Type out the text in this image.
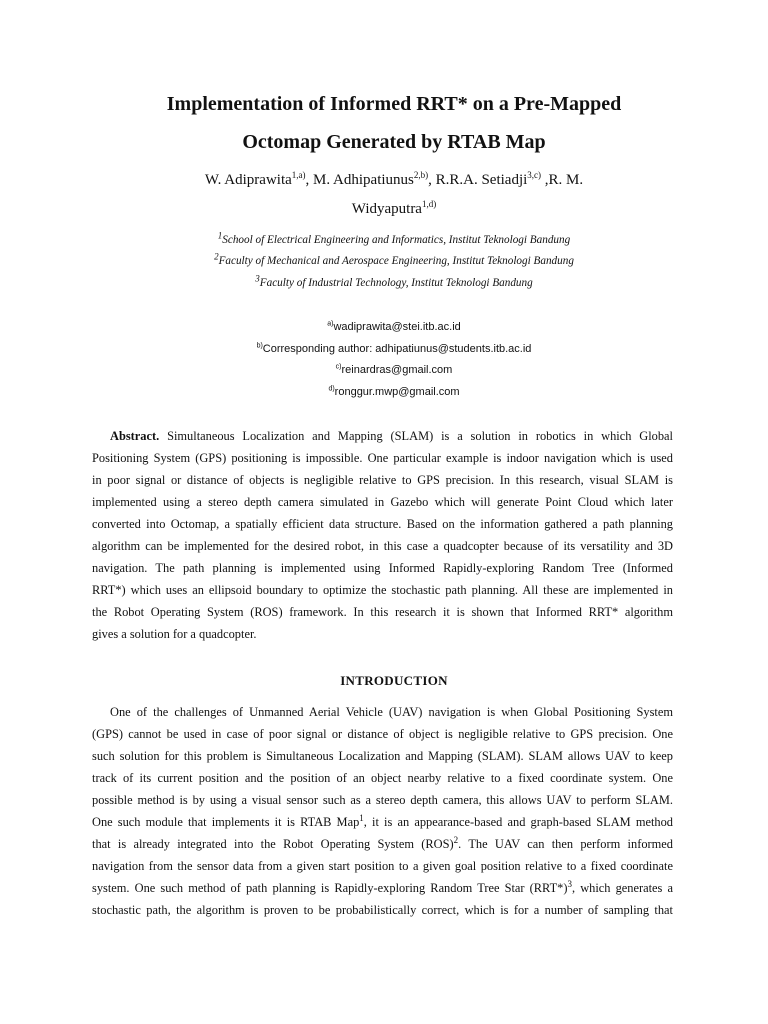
Implementation of Informed RRT* on a Pre-Mapped
Octomap Generated by RTAB Map
W. Adiprawita$^{1,a)}$, M. Adhipatiunus$^{2,b)}$, R.R.A. Setiadji$^{3,c)}$ ,R. M.
Widyaputra$^{1,d)}$
$^1$School of Electrical Engineering and Informatics, Institut Teknologi Bandung
$^2$Faculty of Mechanical and Aerospace Engineering, Institut Teknologi Bandung
$^3$Faculty of Industrial Technology, Institut Teknologi Bandung
$^{a)}$wadiprawita@stei.itb.ac.id
$^{b)}$Corresponding author: adhipatiunus@students.itb.ac.id
$^{c)}$reinardras@gmail.com
$^{d)}$ronggur.mwp@gmail.com
Abstract. Simultaneous Localization and Mapping (SLAM) is a solution in robotics in which Global
Positioning System (GPS) positioning is impossible. One particular example is indoor navigation which is used
in poor signal or distance of objects is negligible relative to GPS precision. In this research, visual SLAM is
implemented using a stereo depth camera simulated in Gazebo which will generate Point Cloud which later
converted into Octomap, a spatially efficient data structure. Based on the information gathered a path planning
algorithm can be implemented for the desired robot, in this case a quadcopter because of its versatility and 3D
navigation. The path planning is implemented using Informed Rapidly-exploring Random Tree (Informed
RRT*) which uses an ellipsoid boundary to optimize the stochastic path planning. All these are implemented in
the Robot Operating System (ROS) framework. In this research it is shown that Informed RRT* algorithm
gives a solution for a quadcopter.
INTRODUCTION
One of the challenges of Unmanned Aerial Vehicle (UAV) navigation is when Global Positioning System
(GPS) cannot be used in case of poor signal or distance of object is negligible relative to GPS precision. One
such solution for this problem is Simultaneous Localization and Mapping (SLAM). SLAM allows UAV to keep
track of its current position and the position of an object nearby relative to a fixed coordinate system. One
possible method is by using a visual sensor such as a stereo depth camera, this allows UAV to perform SLAM.
One such module that implements it is RTAB Map$^1$, it is an appearance-based and graph-based SLAM method
that is already integrated into the Robot Operating System (ROS)$^2$. The UAV can then perform informed
navigation from the sensor data from a given start position to a given goal position relative to a fixed coordinate
system. One such method of path planning is Rapidly-exploring Random Tree Star $(RRT*)^3$, which generates a
stochastic path, the algorithm is proven to be probabilistically correct, which is for a number of sampling that
